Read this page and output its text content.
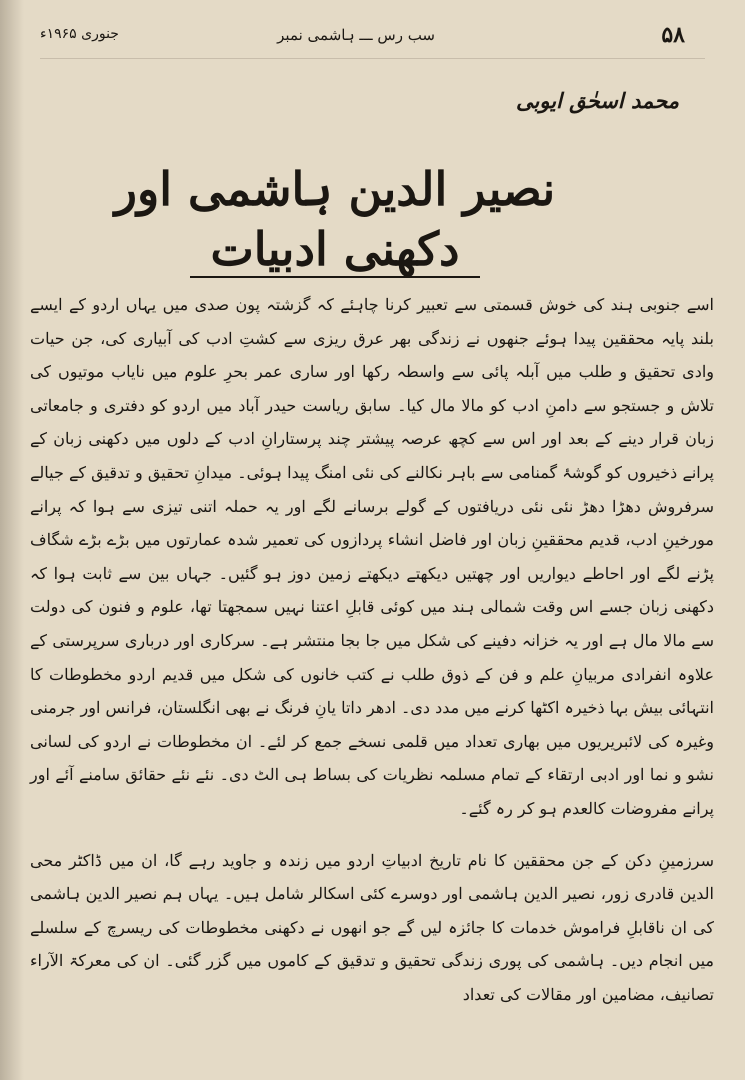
۵۸
سب رس ـــ ہاشمی نمبر
جنوری ۱۹۶۵ء
محمد اسحٰق ایوبی
نصیر الدین ہاشمی اور دکھنی ادبیات

اسے جنوبی ہند کی خوش قسمتی سے تعبیر کرنا چاہئے کہ گزشتہ پون صدی میں یہاں اردو کے ایسے بلند پایہ محققین پیدا ہوئے جنھوں نے زندگی بھر عرق ریزی سے کشتِ ادب کی آبیاری کی، جن حیات وادی تحقیق و طلب میں آبلہ پائی سے واسطہ رکھا اور ساری عمر بحرِ علوم میں نایاب موتیوں کی تلاش و جستجو سے دامنِ ادب کو مالا مال کیا۔ سابق ریاست حیدر آباد میں اردو کو دفتری و جامعاتی زبان قرار دینے کے بعد اور اس سے کچھ عرصہ پیشتر چند پرستارانِ ادب کے دلوں میں دکھنی زبان کے پرانے ذخیروں کو گوشۂ گمنامی سے باہر نکالنے کی نئی امنگ پیدا ہوئی۔ میدانِ تحقیق و تدقیق کے جیالے سرفروش دھڑا دھڑ نئی نئی دریافتوں کے گولے برسانے لگے اور یہ حملہ اتنی تیزی سے ہوا کہ پرانے مورخینِ ادب، قدیم محققینِ زبان اور فاضل انشاء پردازوں کی تعمیر شدہ عمارتوں میں بڑے بڑے شگاف پڑنے لگے اور احاطے دیواریں اور چھتیں دیکھتے دیکھتے زمین دوز ہو گئیں۔ جہاں بین سے ثابت ہوا کہ دکھنی زبان جسے اس وقت شمالی ہند میں کوئی قابلِ اعتنا نہیں سمجھتا تھا، علوم و فنون کی دولت سے مالا مال ہے اور یہ خزانہ دفینے کی شکل میں جا بجا منتشر ہے۔ سرکاری اور درباری سرپرستی کے علاوہ انفرادی مربیانِ علم و فن کے ذوق طلب نے کتب خانوں کی شکل میں قدیم اردو مخطوطات کا انتہائی بیش بہا ذخیرہ اکٹھا کرنے میں مدد دی۔ ادھر داتا یانِ فرنگ نے بھی انگلستان، فرانس اور جرمنی وغیرہ کی لائبریریوں میں بھاری تعداد میں قلمی نسخے جمع کر لئے۔ ان مخطوطات نے اردو کی لسانی نشو و نما اور ادبی ارتقاء کے تمام مسلمہ نظریات کی بساط ہی الٹ دی۔ نئے نئے حقائق سامنے آئے اور پرانے مفروضات کالعدم ہو کر رہ گئے۔

سرزمینِ دکن کے جن محققین کا نام تاریخ ادبیاتِ اردو میں زندہ و جاوید رہے گا، ان میں ڈاکٹر محی الدین قادری زور، نصیر الدین ہاشمی اور دوسرے کئی اسکالر شامل ہیں۔ یہاں ہم نصیر الدین ہاشمی کی ان ناقابلِ فراموش خدمات کا جائزہ لیں گے جو انھوں نے دکھنی مخطوطات کی ریسرچ کے سلسلے میں انجام دیں۔ ہاشمی کی پوری زندگی تحقیق و تدقیق کے کاموں میں گزر گئی۔ ان کی معرکۃ الآراء تصانیف، مضامین اور مقالات کی تعداد
